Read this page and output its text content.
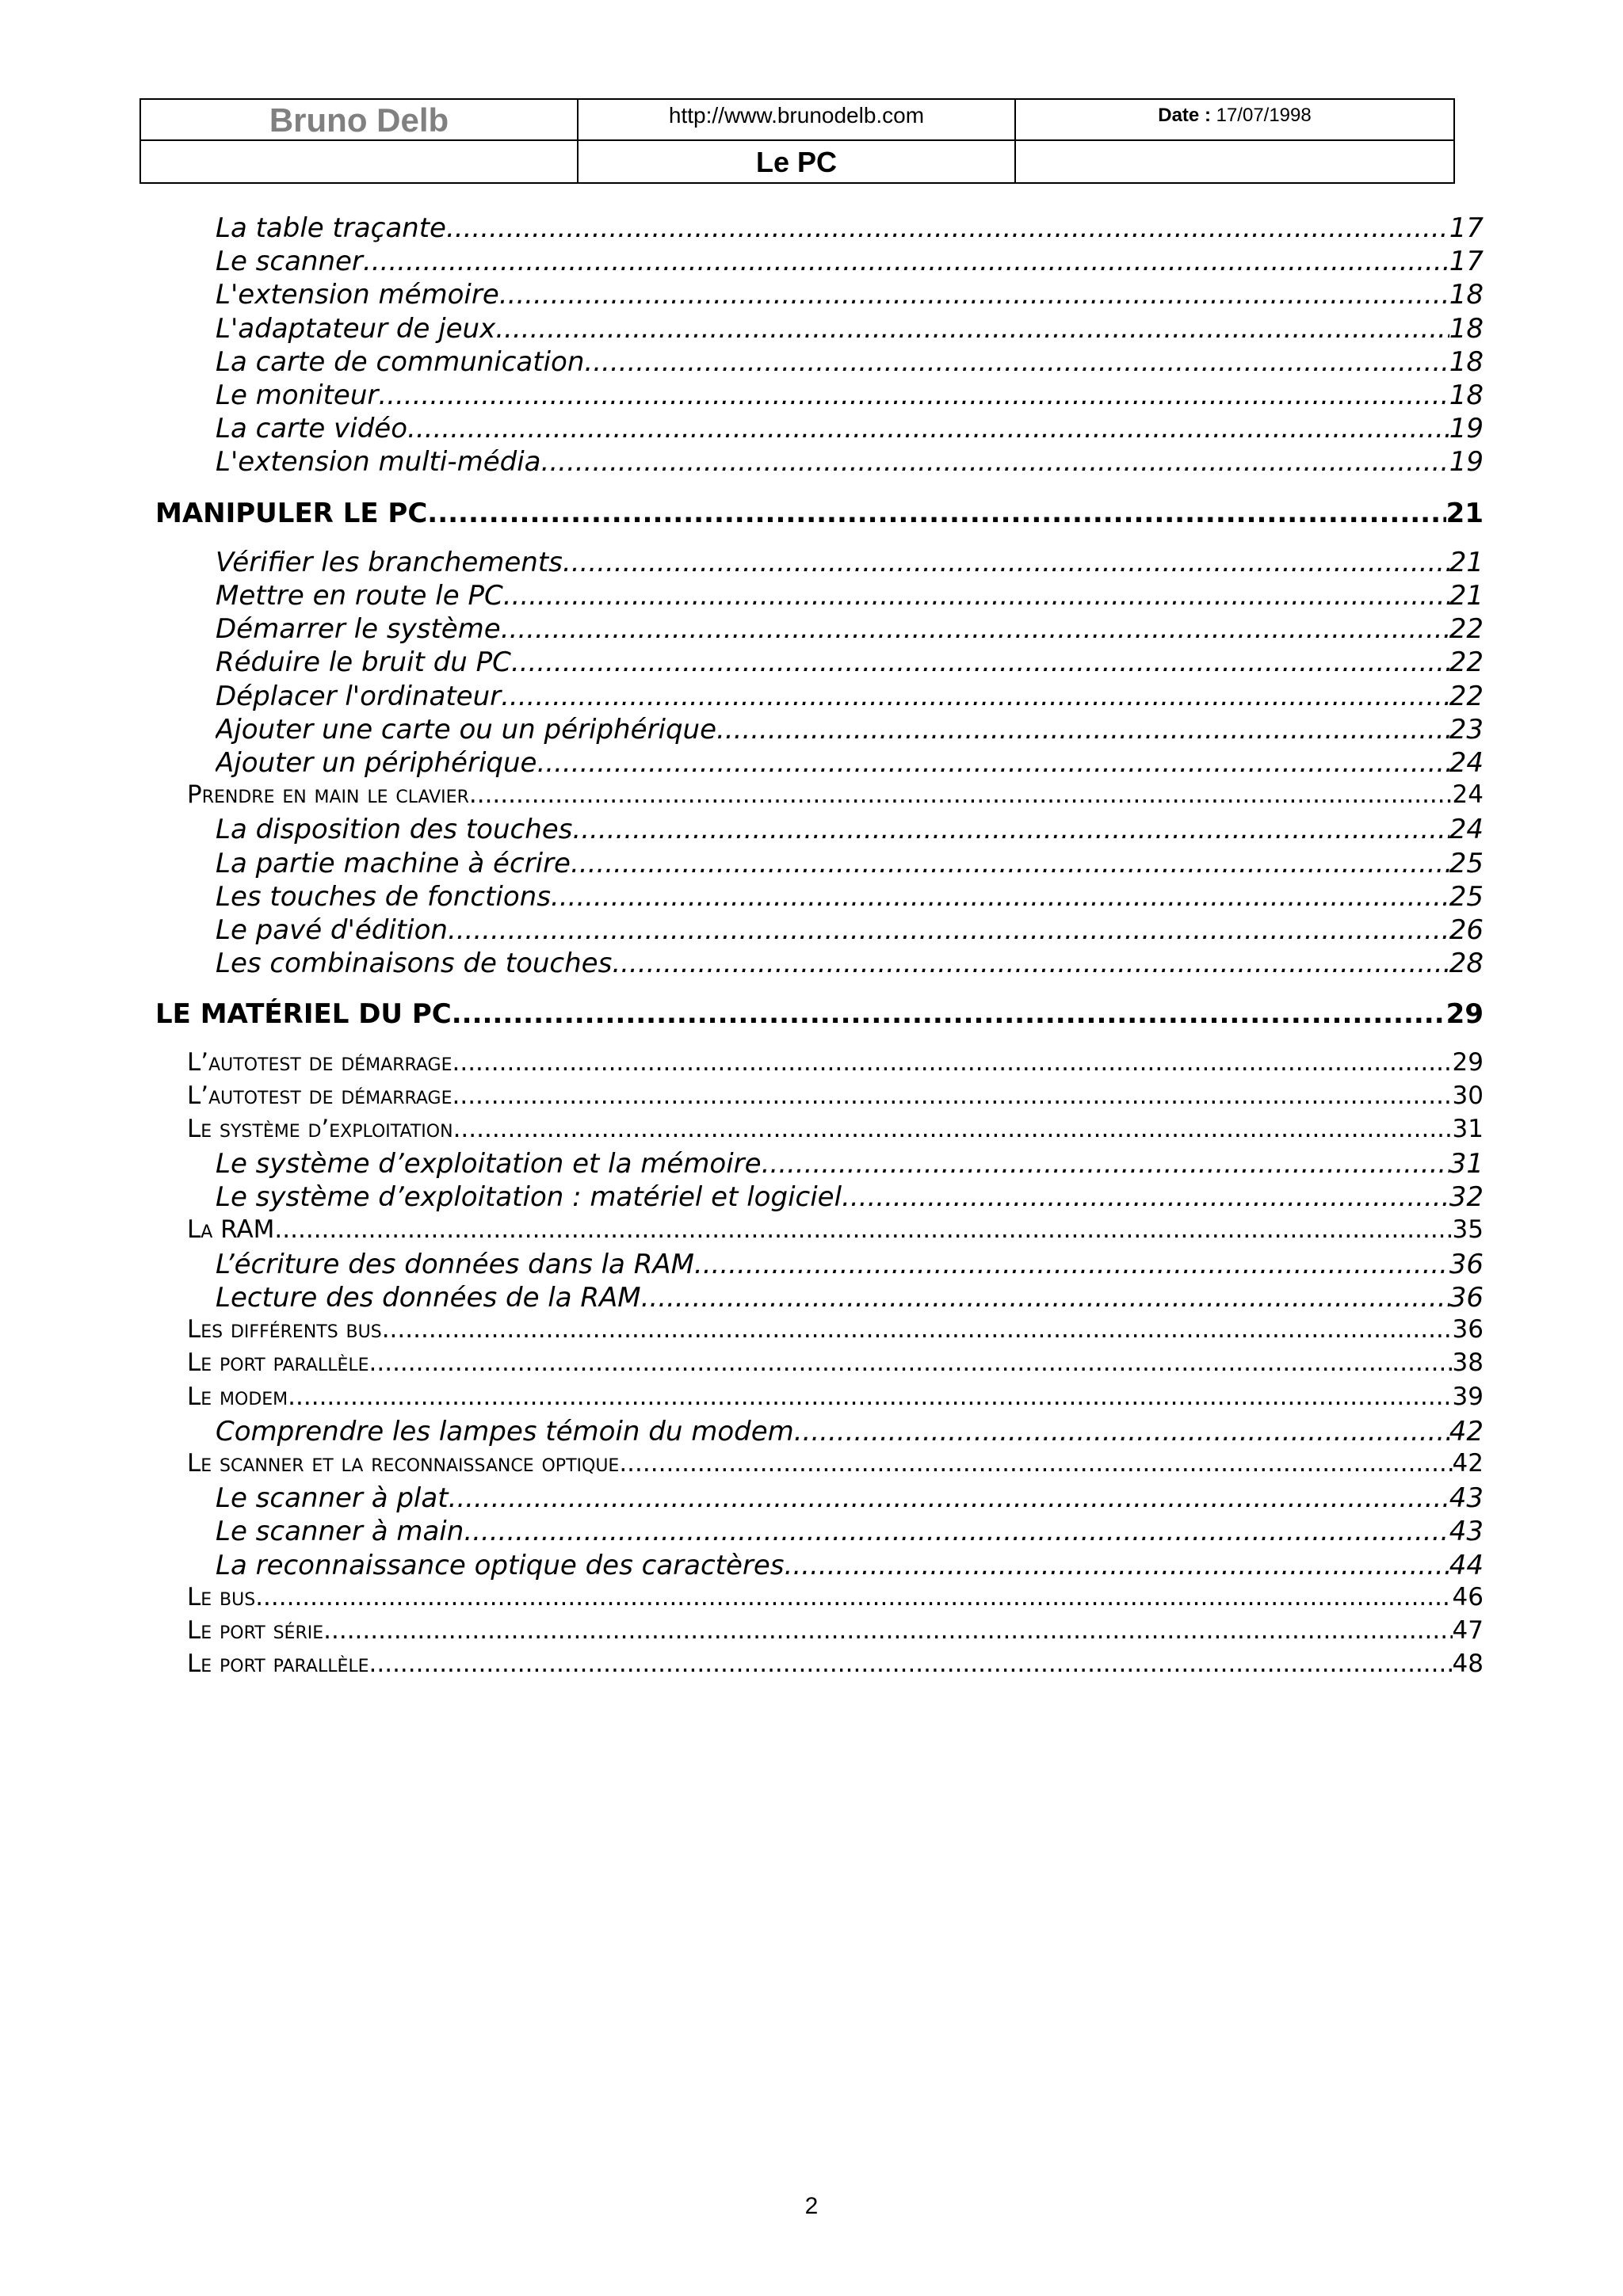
Bruno Delb	http://www.brunodelb.com	Date : 17/07/1998
Le PC
La table traçante .....	17
Le scanner .....	17
L'extension mémoire .....	18
L'adaptateur de jeux .....	18
La carte de communication .....	18
Le moniteur .....	18
La carte vidéo .....	19
L'extension multi-média .....	19
MANIPULER LE PC .....	21
Vérifier les branchements .....	21
Mettre en route le PC .....	21
Démarrer le système .....	22
Réduire le bruit du PC .....	22
Déplacer l'ordinateur .....	22
Ajouter une carte ou un périphérique .....	23
Ajouter un périphérique .....	24
Prendre en main le clavier .....	24
La disposition des touches .....	24
La partie machine à écrire .....	25
Les touches de fonctions .....	25
Le pavé d'édition .....	26
Les combinaisons de touches .....	28
LE MATÉRIEL DU PC .....	29
L’autotest de démarrage .....	29
L’autotest de démarrage .....	30
Le système d’exploitation .....	31
Le système d’exploitation et la mémoire .....	31
Le système d’exploitation : matériel et logiciel .....	32
La RAM .....	35
L’écriture des données dans la RAM .....	36
Lecture des données de la RAM .....	36
Les différents bus .....	36
Le port parallèle .....	38
Le modem .....	39
Comprendre les lampes témoin du modem .....	42
Le scanner et la reconnaissance optique .....	42
Le scanner à plat .....	43
Le scanner à main .....	43
La reconnaissance optique des caractères .....	44
Le bus .....	46
Le port série .....	47
Le port parallèle .....	48
2
